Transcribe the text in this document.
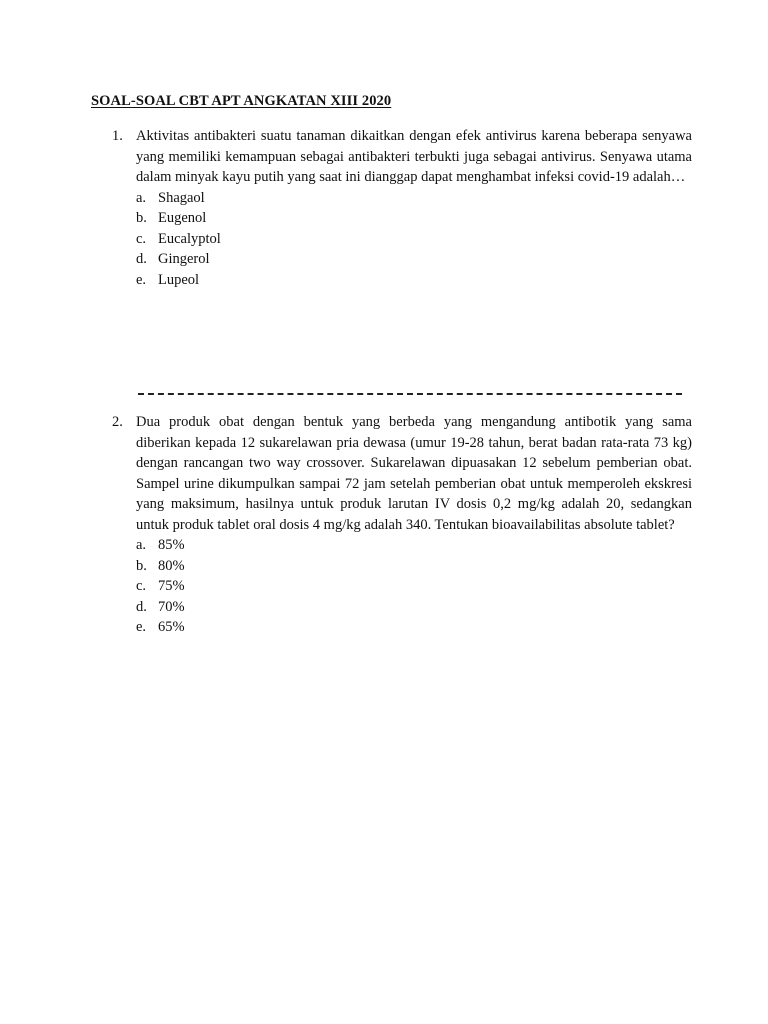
SOAL-SOAL CBT APT ANGKATAN XIII 2020
1. Aktivitas antibakteri suatu tanaman dikaitkan dengan efek antivirus karena beberapa senyawa yang memiliki kemampuan sebagai antibakteri terbukti juga sebagai antivirus. Senyawa utama dalam minyak kayu putih yang saat ini dianggap dapat menghambat infeksi covid-19 adalah…
a. Shagaol
b. Eugenol
c. Eucalyptol
d. Gingerol
e. Lupeol
2. Dua produk obat dengan bentuk yang berbeda yang mengandung antibotik yang sama diberikan kepada 12 sukarelawan pria dewasa (umur 19-28 tahun, berat badan rata-rata 73 kg) dengan rancangan two way crossover. Sukarelawan dipuasakan 12 sebelum pemberian obat. Sampel urine dikumpulkan sampai 72 jam setelah pemberian obat untuk memperoleh ekskresi yang maksimum, hasilnya untuk produk larutan IV dosis 0,2 mg/kg adalah 20, sedangkan untuk produk tablet oral dosis 4 mg/kg adalah 340. Tentukan bioavailabilitas absolute tablet?
a. 85%
b. 80%
c. 75%
d. 70%
e. 65%
